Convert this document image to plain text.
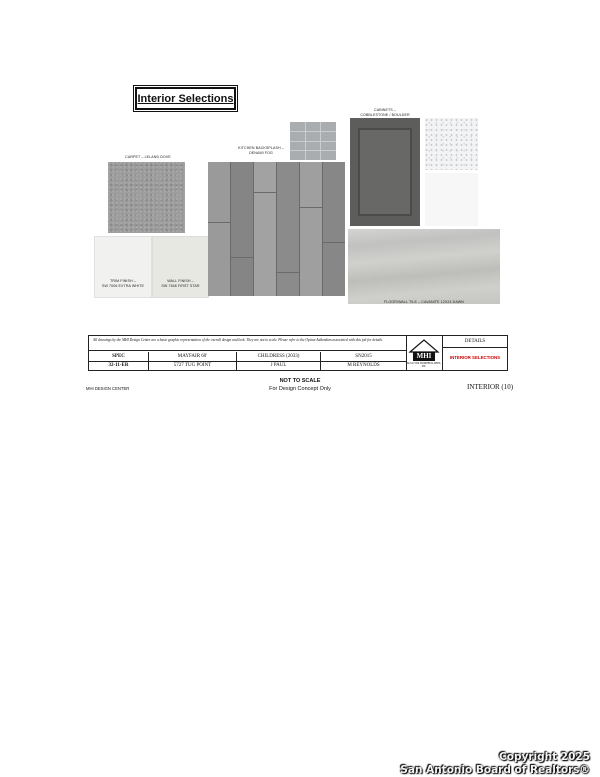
Interior Selections
CARPET – LELAND DOVE
KITCHEN BACKSPLASH –
DENAMI FOG
CABINETS –
COBBLESTONE / BOULDER
TRIM FINISH –
SW 7006 EXTRA WHITE
WALL FINISH –
SW 7646 FIRST STAR
FLOOR/WALL TILE – CAVANITE 12X24 DAWN
All drawings by the MHI Design Center are a basic graphic representation of the overall design and look. They are not to scale. Please refer to the Option Addendum associated with this job for details.
SPEC
32-11-ER
MAYFAIR 60'
5727 TUG POINT
CHILDRESS (2033)
J PAUL
SN2015
M REYNOLDS
MHI
McGUYER HOMEBUILDERS, INC
DETAILS
INTERIOR SELECTIONS
NOT TO SCALE
For Design Concept Only
MHI DESIGN CENTER	INTERIOR (10)
Copyright 2025
San Antonio Board of Realtors®
